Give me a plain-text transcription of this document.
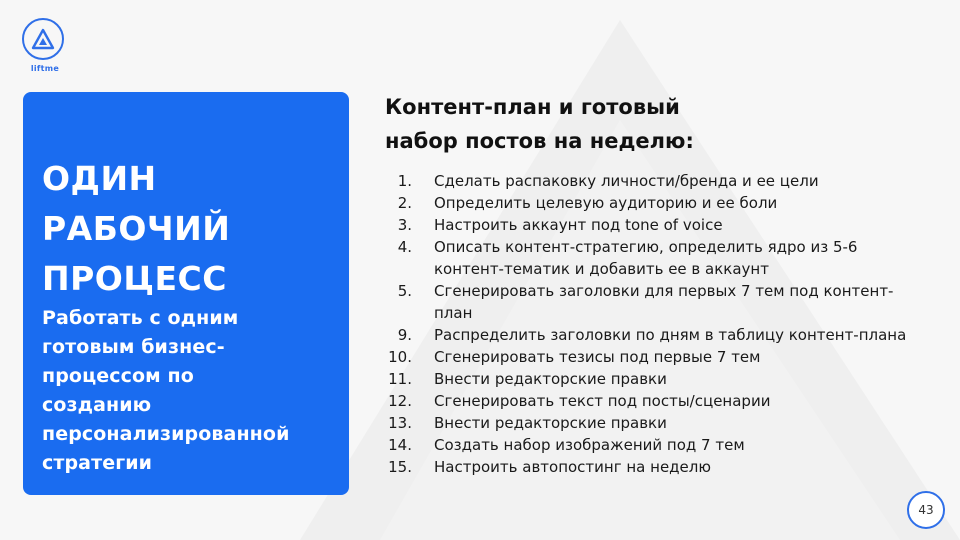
liftme
ОДИН
РАБОЧИЙ
ПРОЦЕСС
Работать с одним
готовым бизнес-
процессом по
созданию
персонализированной
стратегии
Контент-план и готовый
набор постов на неделю:
1. Сделать распаковку личности/бренда и ее цели
2. Определить целевую аудиторию и ее боли
3. Настроить аккаунт под tone of voice
4. Описать контент-стратегию, определить ядро из 5-6 контент-тематик и добавить ее в аккаунт
5. Сгенерировать заголовки для первых 7 тем под контент-план
9. Распределить заголовки по дням в таблицу контент-плана
10. Сгенерировать тезисы под первые 7 тем
11. Внести редакторские правки
12. Сгенерировать текст под посты/сценарии
13. Внести редакторские правки
14. Создать набор изображений под 7 тем
15. Настроить автопостинг на неделю
43
